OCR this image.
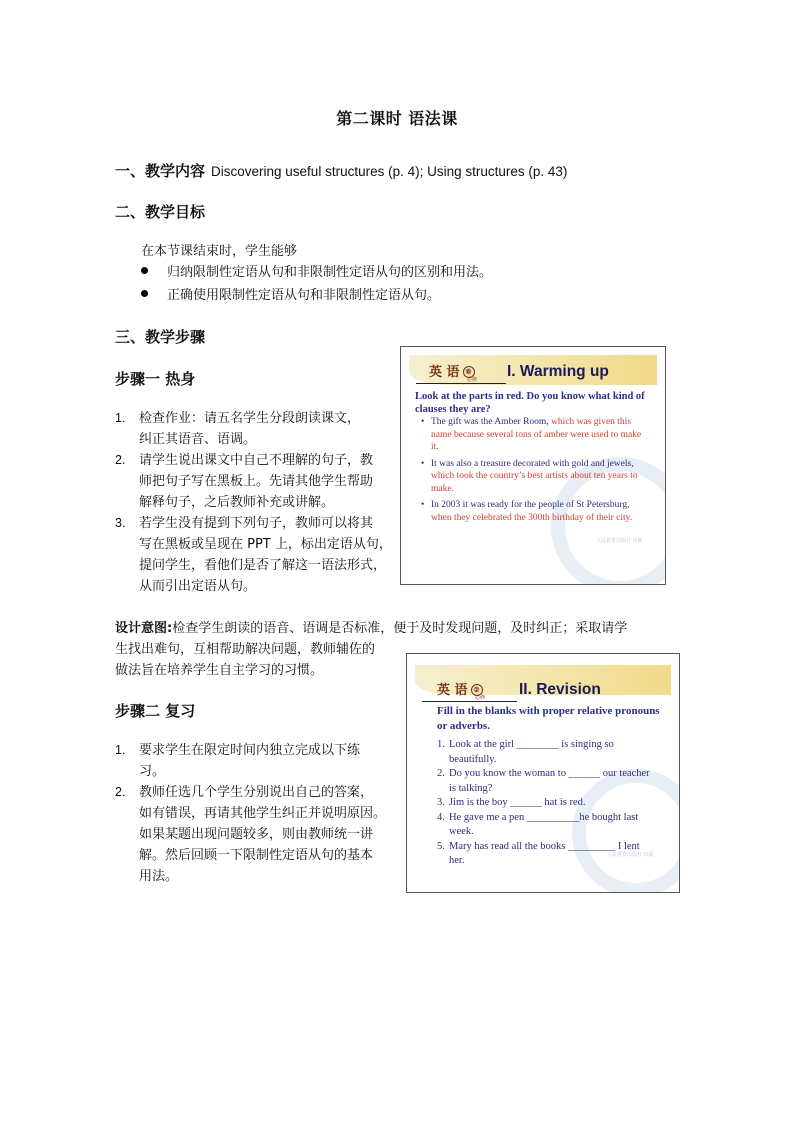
第二课时 语法课
一、教学内容 Discovering useful structures (p. 4); Using structures (p. 43)
二、教学目标
在本节课结束时，学生能够
归纳限制性定语从句和非限制性定语从句的区别和用法。
正确使用限制性定语从句和非限制性定语从句。
三、教学步骤
步骤一 热身
1. 检查作业：请五名学生分段朗读课文，
纠正其语音、语调。
2. 请学生说出课文中自己不理解的句子，教
师把句子写在黑板上。先请其他学生帮助
解释句子，之后教师补充或讲解。
3. 若学生没有提到下列句子，教师可以将其
写在黑板或呈现在 PPT 上，标出定语从句，
提问学生，看他们是否了解这一语法形式，
从而引出定语从句。
英 语 ⑥
必修 I. Warming up
Look at the parts in red. Do you know what kind of
clauses they are?
• The gift was the Amber Room, which was given this
name because several tons of amber were used to make
it.
• It was also a treasure decorated with gold and jewels,
which took the country’s best artists about ten years to
make.
• In 2003 it was ready for the people of St Petersburg,
when they celebrated the 300th birthday of their city.
人民教育出版社 出版
设计意图:检查学生朗读的语音、语调是否标准，便于及时发现问题，及时纠正；采取请学
生找出难句，互相帮助解决问题，教师辅佐的
做法旨在培养学生自主学习的习惯。
步骤二 复习
1. 要求学生在限定时间内独立完成以下练
习。
2. 教师任选几个学生分别说出自己的答案，
如有错误，再请其他学生纠正并说明原因。
如果某题出现问题较多，则由教师统一讲
解。然后回顾一下限制性定语从句的基本
用法。
英 语 ②
必修 II. Revision
Fill in the blanks with proper relative pronouns
or adverbs.
1. Look at the girl ________ is singing so
beautifully.
2. Do you know the woman to ______ our teacher
is talking?
3. Jim is the boy ______ hat is red.
4. He gave me a pen __________he bought last
week.
5. Mary has read all the books _________ I lent
her.	人民教育出版社 出版
